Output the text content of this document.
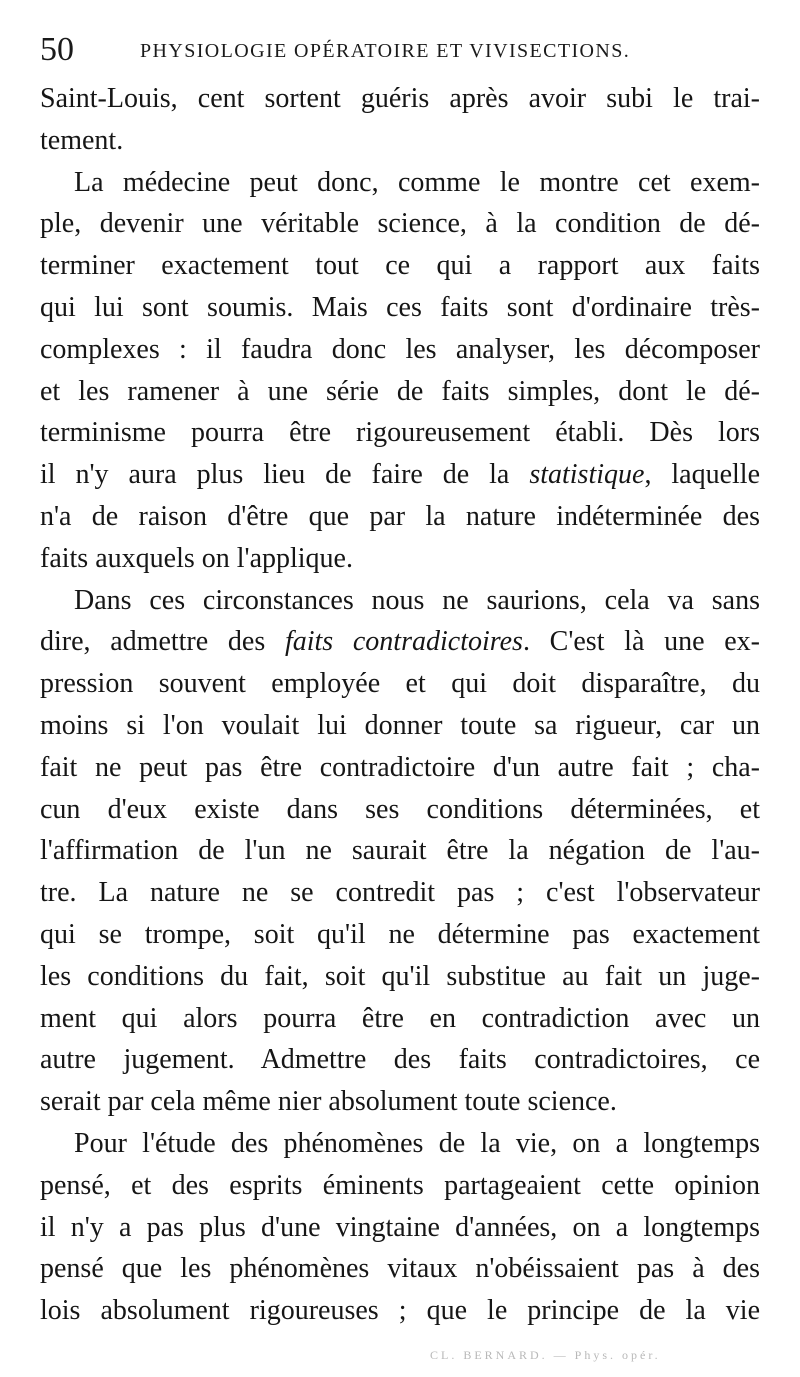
50	PHYSIOLOGIE OPÉRATOIRE ET VIVISECTIONS.
Saint-Louis, cent sortent guéris après avoir subi le trai-
tement.
La médecine peut donc, comme le montre cet exem-
ple, devenir une véritable science, à la condition de dé-
terminer exactement tout ce qui a rapport aux faits
qui lui sont soumis. Mais ces faits sont d'ordinaire très-
complexes : il faudra donc les analyser, les décomposer
et les ramener à une série de faits simples, dont le dé-
terminisme pourra être rigoureusement établi. Dès lors
il n'y aura plus lieu de faire de la statistique, laquelle
n'a de raison d'être que par la nature indéterminée des
faits auxquels on l'applique.
Dans ces circonstances nous ne saurions, cela va sans
dire, admettre des faits contradictoires. C'est là une ex-
pression souvent employée et qui doit disparaître, du
moins si l'on voulait lui donner toute sa rigueur, car un
fait ne peut pas être contradictoire d'un autre fait ; cha-
cun d'eux existe dans ses conditions déterminées, et
l'affirmation de l'un ne saurait être la négation de l'au-
tre. La nature ne se contredit pas ; c'est l'observateur
qui se trompe, soit qu'il ne détermine pas exactement
les conditions du fait, soit qu'il substitue au fait un juge-
ment qui alors pourra être en contradiction avec un
autre jugement. Admettre des faits contradictoires, ce
serait par cela même nier absolument toute science.
Pour l'étude des phénomènes de la vie, on a longtemps
pensé, et des esprits éminents partageaient cette opinion
il n'y a pas plus d'une vingtaine d'années, on a longtemps
pensé que les phénomènes vitaux n'obéissaient pas à des
lois absolument rigoureuses ; que le principe de la vie
CL. BERNARD. — Phys. opér.
